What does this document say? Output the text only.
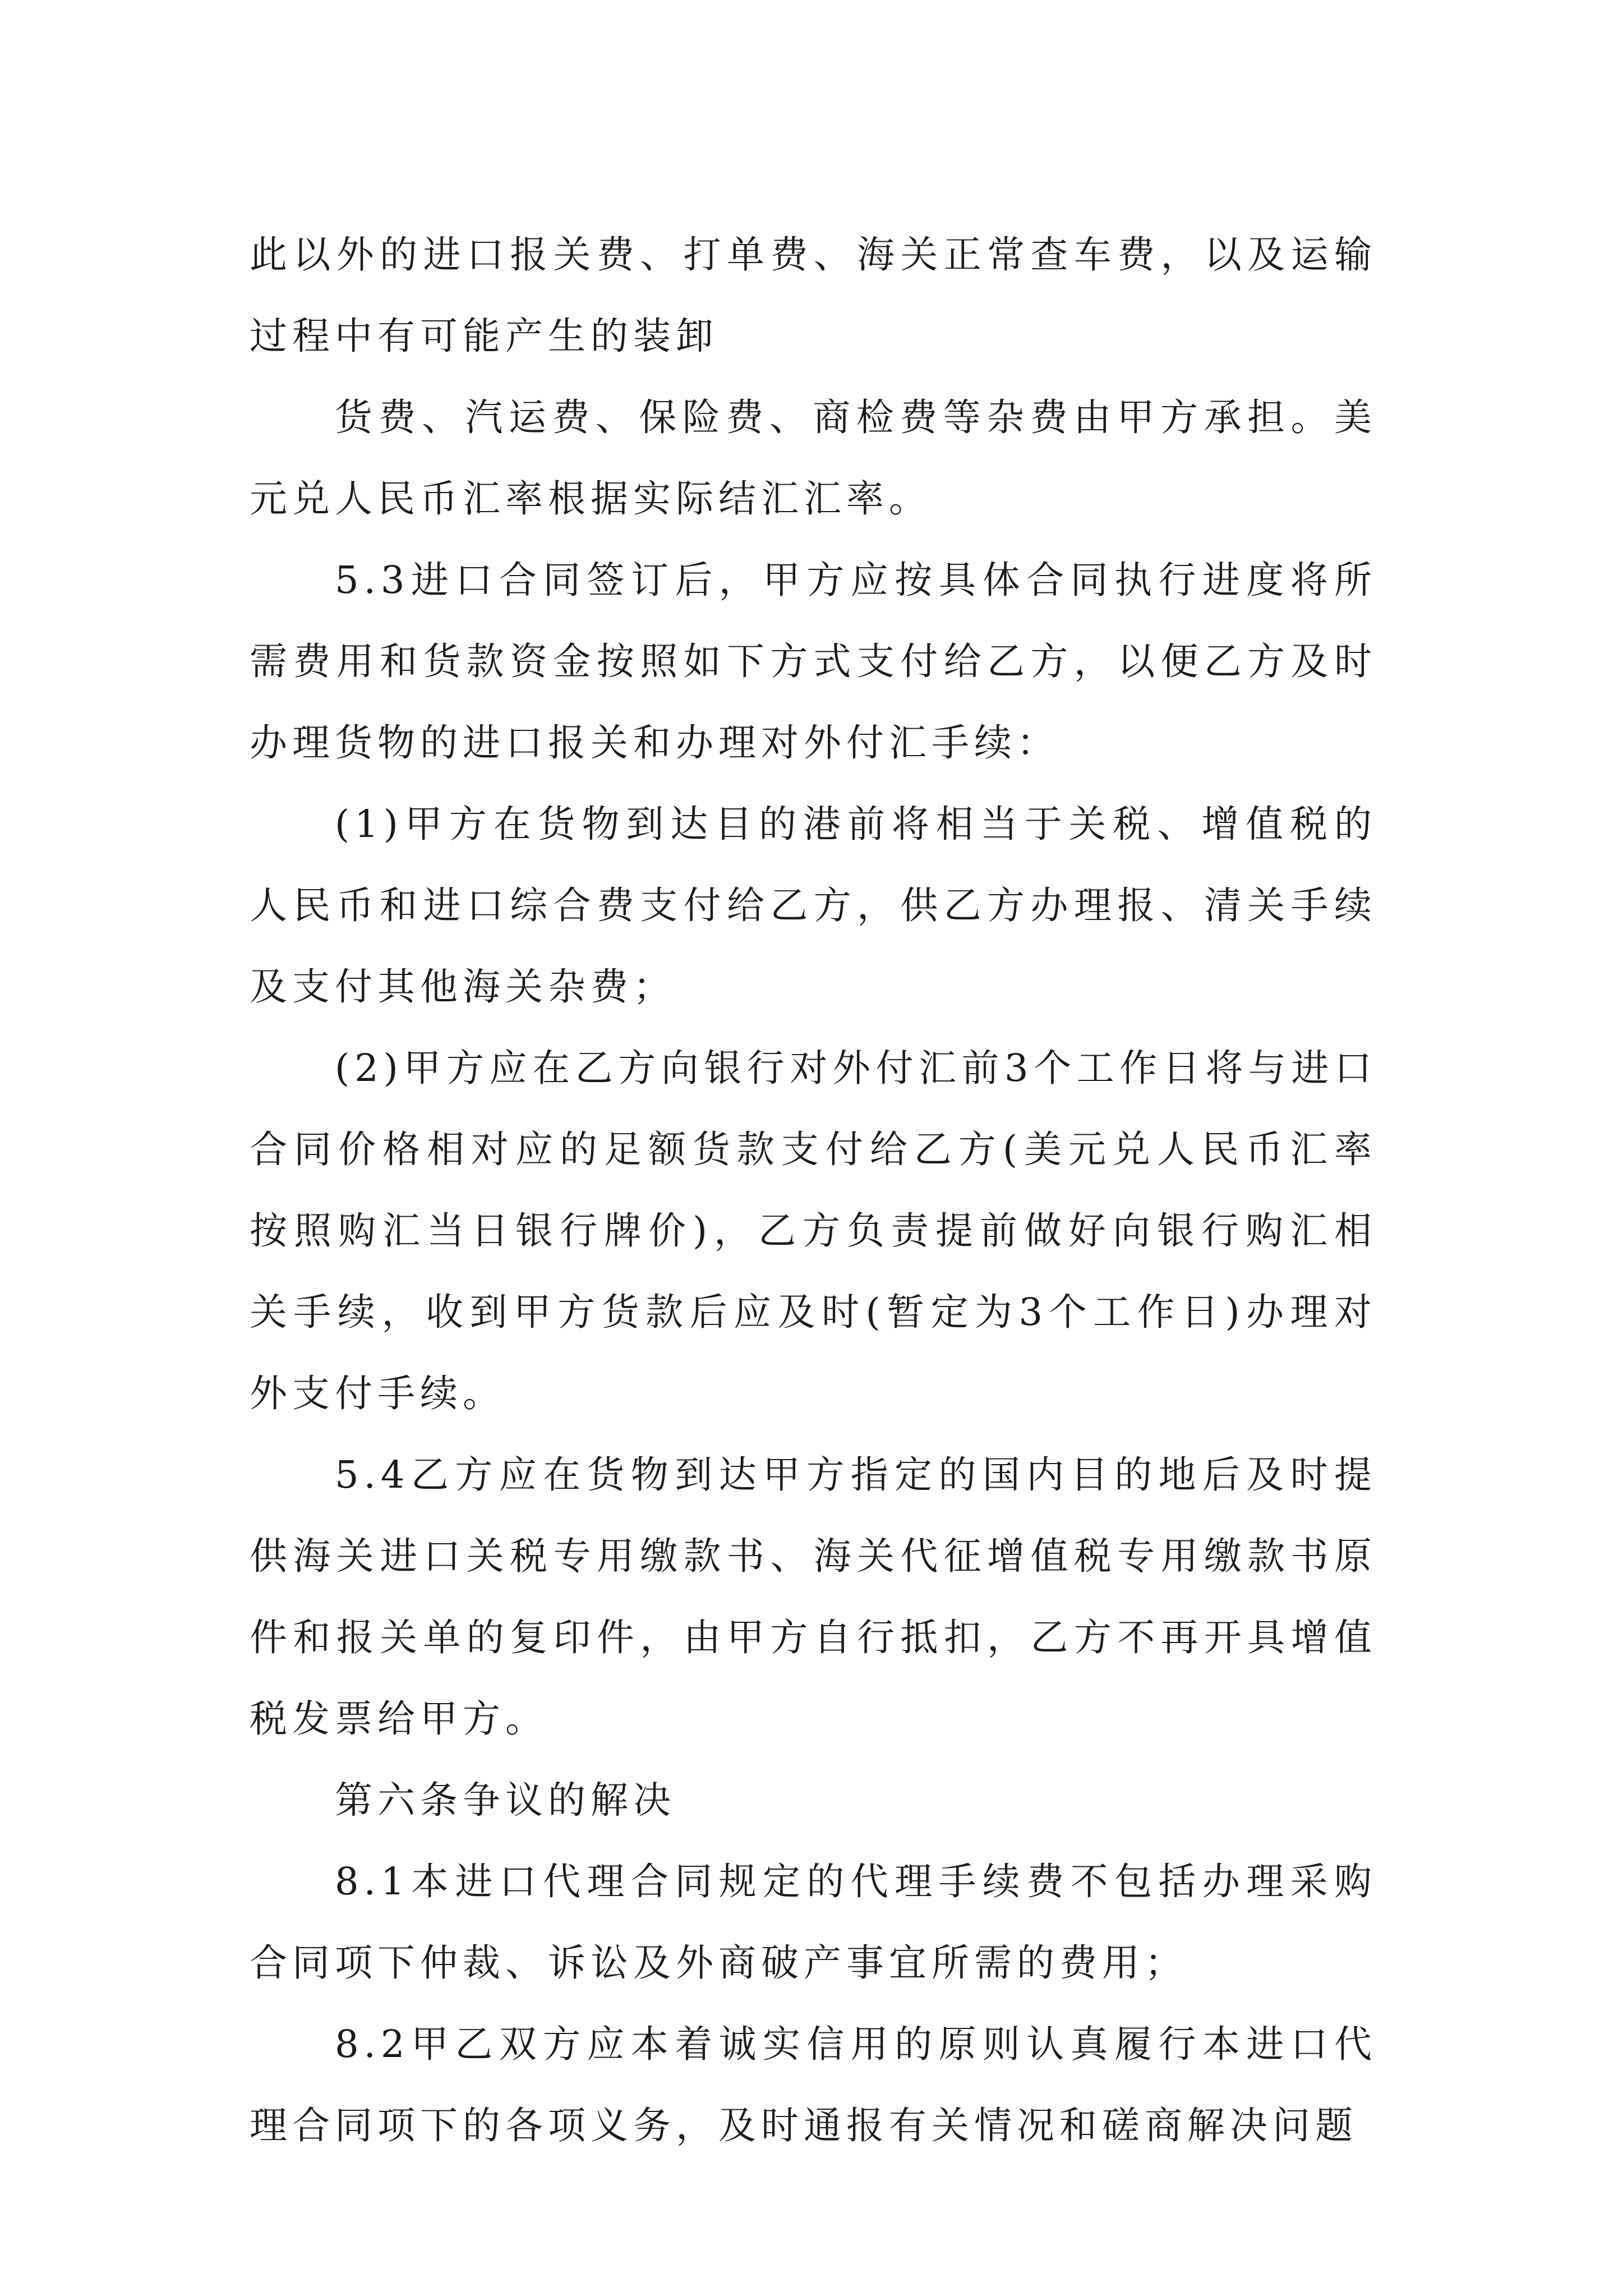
此以外的进口报关费、打单费、海关正常查车费，以及运输过程中有可能产生的装卸

货费、汽运费、保险费、商检费等杂费由甲方承担。美元兑人民币汇率根据实际结汇汇率。

5.3进口合同签订后，甲方应按具体合同执行进度将所需费用和货款资金按照如下方式支付给乙方，以便乙方及时办理货物的进口报关和办理对外付汇手续：

(1)甲方在货物到达目的港前将相当于关税、增值税的人民币和进口综合费支付给乙方，供乙方办理报、清关手续及支付其他海关杂费；

(2)甲方应在乙方向银行对外付汇前3个工作日将与进口合同价格相对应的足额货款支付给乙方(美元兑人民币汇率按照购汇当日银行牌价)，乙方负责提前做好向银行购汇相关手续，收到甲方货款后应及时(暂定为3个工作日)办理对外支付手续。

5.4乙方应在货物到达甲方指定的国内目的地后及时提供海关进口关税专用缴款书、海关代征增值税专用缴款书原件和报关单的复印件，由甲方自行抵扣，乙方不再开具增值税发票给甲方。

第六条争议的解决

8.1本进口代理合同规定的代理手续费不包括办理采购合同项下仲裁、诉讼及外商破产事宜所需的费用；

8.2甲乙双方应本着诚实信用的原则认真履行本进口代理合同项下的各项义务，及时通报有关情况和磋商解决问题
